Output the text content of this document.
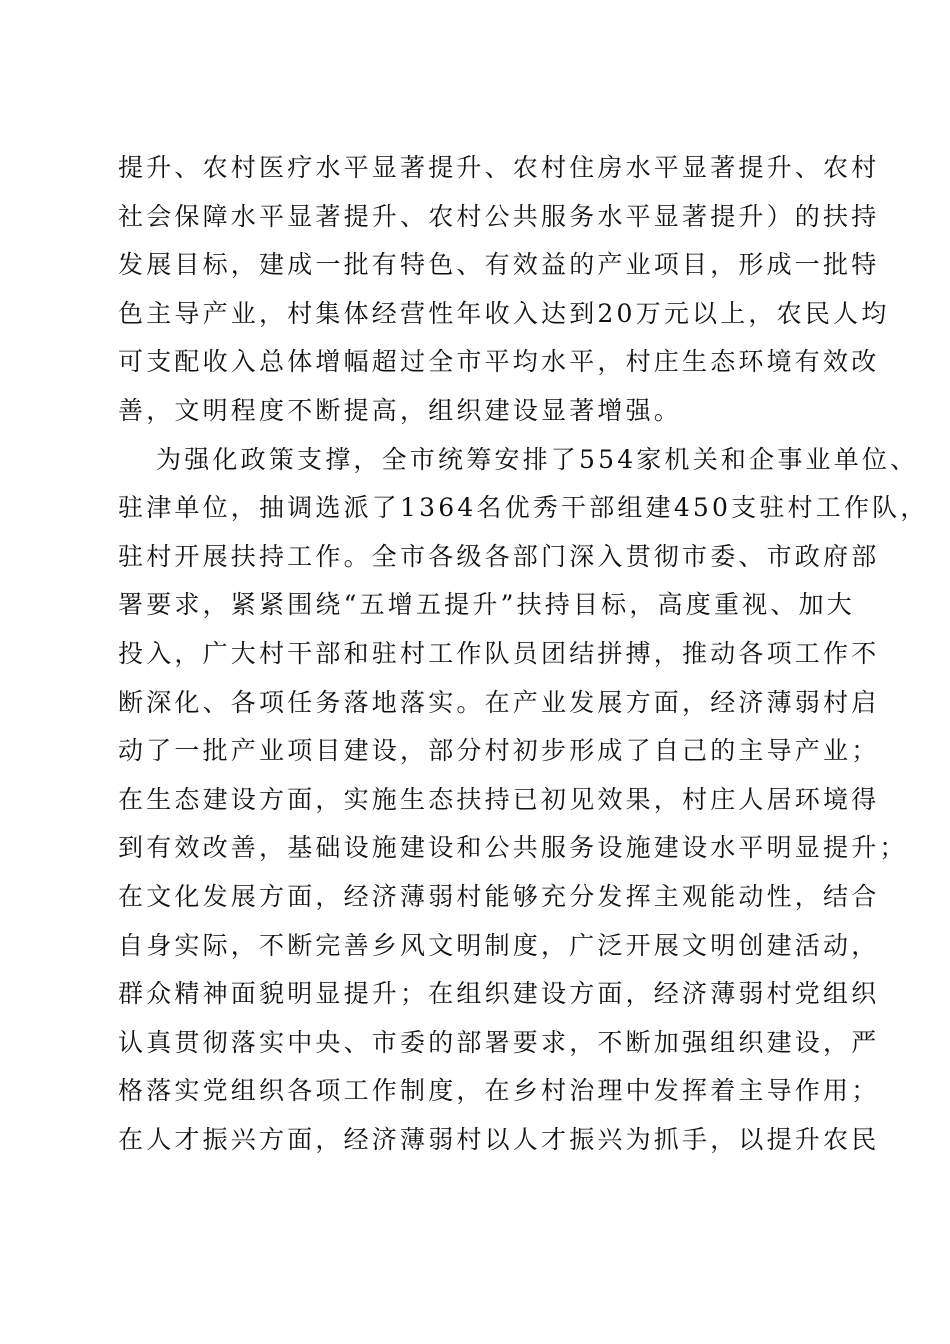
提升、农村医疗水平显著提升、农村住房水平显著提升、农村
社会保障水平显著提升、农村公共服务水平显著提升）的扶持
发展目标，建成一批有特色、有效益的产业项目，形成一批特
色主导产业，村集体经营性年收入达到20万元以上，农民人均
可支配收入总体增幅超过全市平均水平，村庄生态环境有效改
善，文明程度不断提高，组织建设显著增强。
为强化政策支撑，全市统筹安排了554家机关和企事业单位、
驻津单位，抽调选派了1364名优秀干部组建450支驻村工作队，
驻村开展扶持工作。全市各级各部门深入贯彻市委、市政府部
署要求，紧紧围绕“五增五提升”扶持目标，高度重视、加大
投入，广大村干部和驻村工作队员团结拼搏，推动各项工作不
断深化、各项任务落地落实。在产业发展方面，经济薄弱村启
动了一批产业项目建设，部分村初步形成了自己的主导产业；
在生态建设方面，实施生态扶持已初见效果，村庄人居环境得
到有效改善，基础设施建设和公共服务设施建设水平明显提升；
在文化发展方面，经济薄弱村能够充分发挥主观能动性，结合
自身实际，不断完善乡风文明制度，广泛开展文明创建活动，
群众精神面貌明显提升；在组织建设方面，经济薄弱村党组织
认真贯彻落实中央、市委的部署要求，不断加强组织建设，严
格落实党组织各项工作制度，在乡村治理中发挥着主导作用；
在人才振兴方面，经济薄弱村以人才振兴为抓手，以提升农民
